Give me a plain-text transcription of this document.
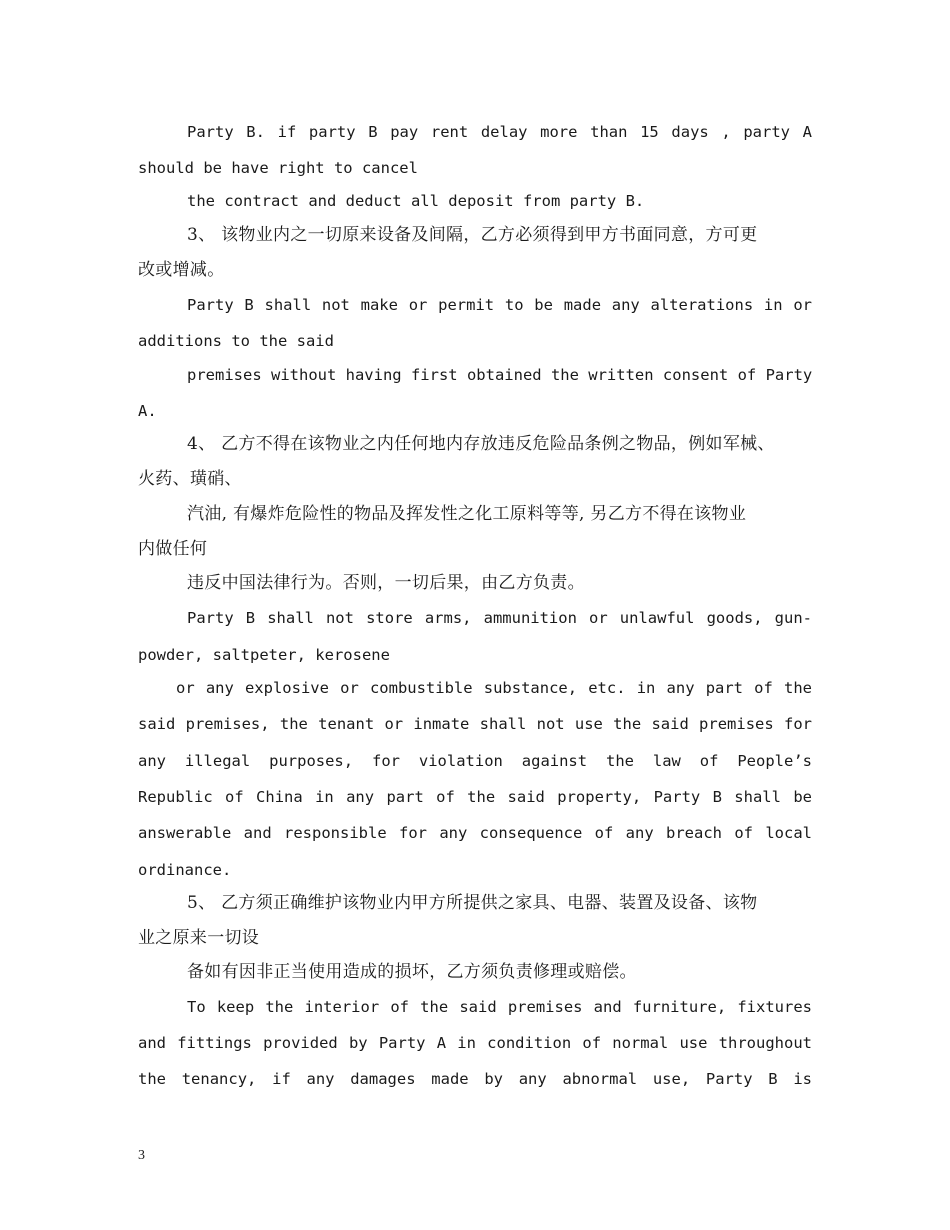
Party B. if party B pay rent delay more than 15 days , party A
should be have right to cancel
the contract and deduct all deposit from party B.
3、 该物业内之一切原来设备及间隔，乙方必须得到甲方书面同意，方可更
改或增减。
Party B shall not make or permit to be made any alterations in or
additions to the said
premises without having first obtained the written consent of Party
A.
4、 乙方不得在该物业之内任何地内存放违反危险品条例之物品，例如军械、
火药、璜硝、
汽油, 有爆炸危险性的物品及挥发性之化工原料等等, 另乙方不得在该物业
内做任何
违反中国法律行为。否则，一切后果，由乙方负责。
Party B shall not store arms, ammunition or unlawful goods, gun-
powder, saltpeter, kerosene
or any explosive or combustible substance, etc. in any part of the
said premises, the tenant or inmate shall not use the said premises for
any illegal purposes, for violation against the law of People’s
Republic of China in any part of the said property, Party B shall be
answerable and responsible for any consequence of any breach of local
ordinance.
5、 乙方须正确维护该物业内甲方所提供之家具、电器、装置及设备、该物
业之原来一切设
备如有因非正当使用造成的损坏，乙方须负责修理或赔偿。
To keep the interior of the said premises and furniture, fixtures
and fittings provided by Party A in condition of normal use throughout
the tenancy, if any damages made by any abnormal use, Party B is
3
